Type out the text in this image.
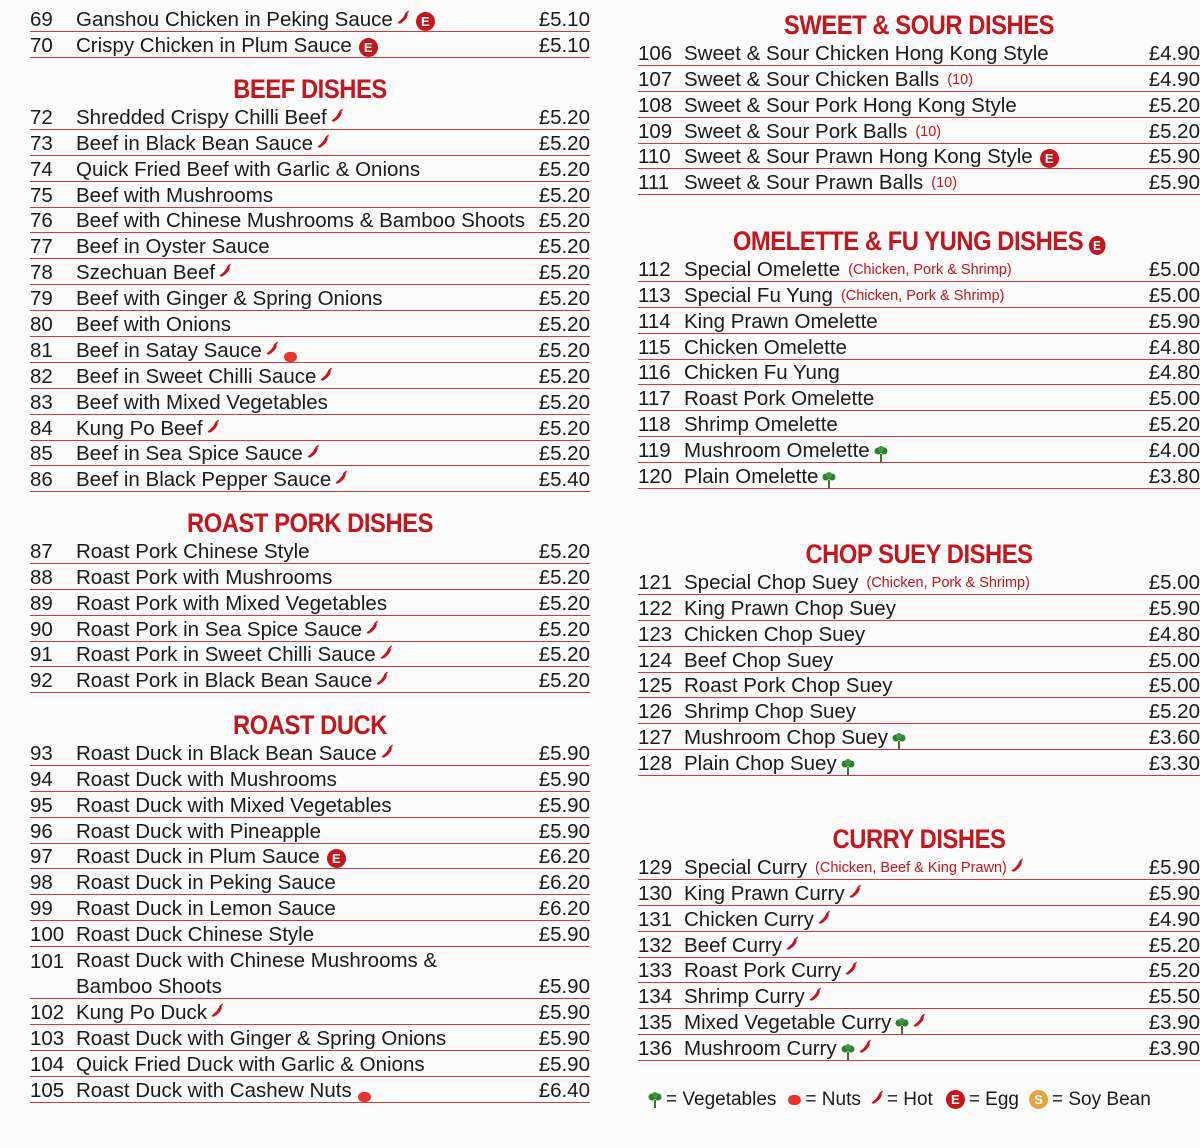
69	Ganshou Chicken in Peking Sauce	E	£5.10
70	Crispy Chicken in Plum Sauce E	£5.10
BEEF DISHES
72	Shredded Crispy Chilli Beef	£5.20
73	Beef in Black Bean Sauce	£5.20
74	Quick Fried Beef with Garlic & Onions	£5.20
75	Beef with Mushrooms	£5.20
76	Beef with Chinese Mushrooms & Bamboo Shoots £5.20
77	Beef in Oyster Sauce	£5.20
78	Szechuan Beef	£5.20
79	Beef with Ginger & Spring Onions	£5.20
80	Beef with Onions	£5.20
81	Beef in Satay Sauce	£5.20
82	Beef in Sweet Chilli Sauce	£5.20
83	Beef with Mixed Vegetables	£5.20
84	Kung Po Beef	£5.20
85	Beef in Sea Spice Sauce	£5.20
86	Beef in Black Pepper Sauce	£5.40
ROAST PORK DISHES
87	Roast Pork Chinese Style	£5.20
88	Roast Pork with Mushrooms	£5.20
89	Roast Pork with Mixed Vegetables	£5.20
90	Roast Pork in Sea Spice Sauce	£5.20
91	Roast Pork in Sweet Chilli Sauce	£5.20
92	Roast Pork in Black Bean Sauce	£5.20
ROAST DUCK
93	Roast Duck in Black Bean Sauce	£5.90
94	Roast Duck with Mushrooms	£5.90
95	Roast Duck with Mixed Vegetables	£5.90
96	Roast Duck with Pineapple	£5.90
97	Roast Duck in Plum Sauce E	£6.20
98	Roast Duck in Peking Sauce	£6.20
99	Roast Duck in Lemon Sauce	£6.20
100 Roast Duck Chinese Style	£5.90
101 Roast Duck with Chinese Mushrooms &
Bamboo Shoots	£5.90
102 Kung Po Duck	£5.90
103 Roast Duck with Ginger & Spring Onions	£5.90
104 Quick Fried Duck with Garlic & Onions	£5.90
105 Roast Duck with Cashew Nuts	£6.40
SWEET & SOUR DISHES
106 Sweet & Sour Chicken Hong Kong Style	£4.90
107 Sweet & Sour Chicken Balls (10)	£4.90
108 Sweet & Sour Pork Hong Kong Style	£5.20
109 Sweet & Sour Pork Balls (10)	£5.20
110 Sweet & Sour Prawn Hong Kong Style E	£5.90
111 Sweet & Sour Prawn Balls (10)	£5.90
OMELETTE & FU YUNG DISHES E
112 Special Omelette (Chicken, Pork & Shrimp)	£5.00
113 Special Fu Yung (Chicken, Pork & Shrimp)	£5.00
114 King Prawn Omelette	£5.90
115 Chicken Omelette	£4.80
116 Chicken Fu Yung	£4.80
117 Roast Pork Omelette	£5.00
118 Shrimp Omelette	£5.20
119 Mushroom Omelette	£4.00
120 Plain Omelette	£3.80
CHOP SUEY DISHES
121 Special Chop Suey (Chicken, Pork & Shrimp)	£5.00
122 King Prawn Chop Suey	£5.90
123 Chicken Chop Suey	£4.80
124 Beef Chop Suey	£5.00
125 Roast Pork Chop Suey	£5.00
126 Shrimp Chop Suey	£5.20
127 Mushroom Chop Suey	£3.60
128 Plain Chop Suey	£3.30
CURRY DISHES
129 Special Curry (Chicken, Beef & King Prawn)	£5.90
130 King Prawn Curry	£5.90
131 Chicken Curry	£4.90
132 Beef Curry	£5.20
133 Roast Pork Curry	£5.20
134 Shrimp Curry	£5.50
135 Mixed Vegetable Curry	£3.90
136 Mushroom Curry	£3.90
= Vegetables = Nuts = Hot	E = Egg	S = Soy Bean
